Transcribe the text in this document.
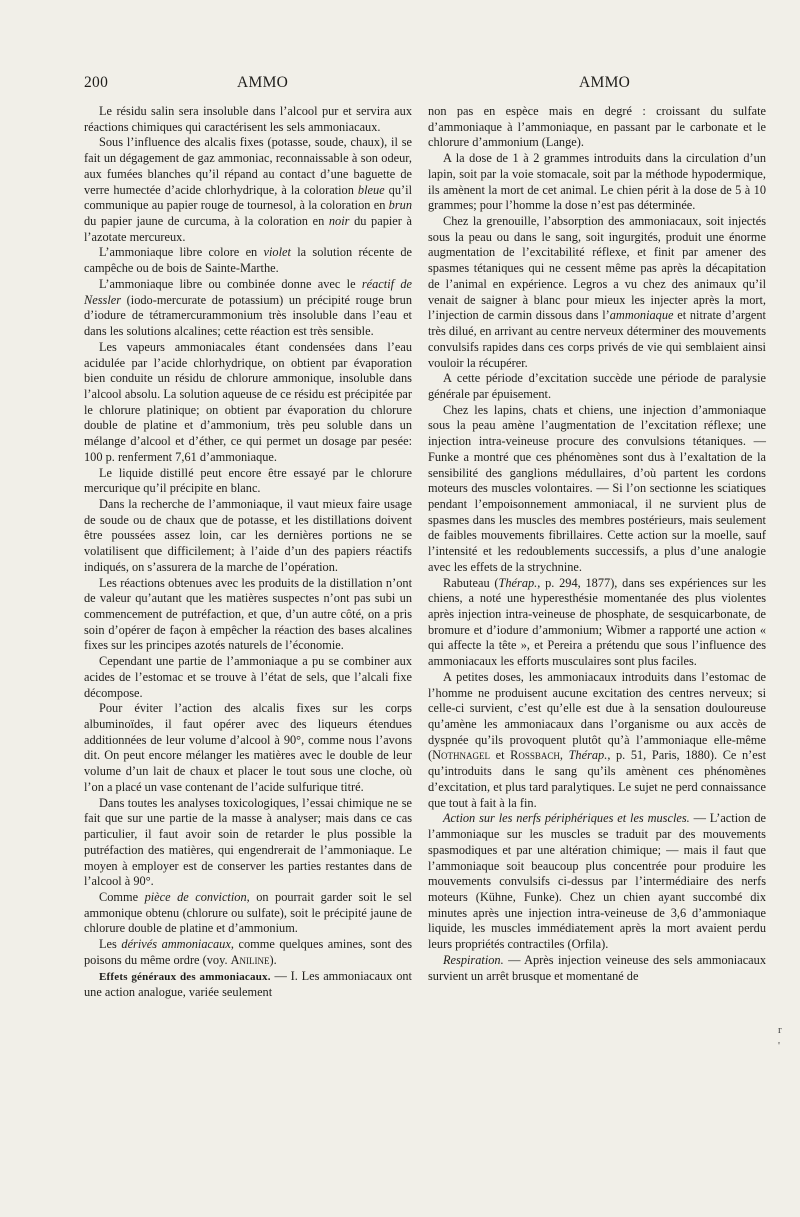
200	AMMO	AMMO

Le résidu salin sera insoluble dans l’alcool pur et servira aux réactions chimiques qui caractérisent les sels ammoniacaux.

Sous l’influence des alcalis fixes (potasse, soude, chaux), il se fait un dégagement de gaz ammoniac, reconnaissable à son odeur, aux fumées blanches qu’il répand au contact d’une baguette de verre humectée d’acide chlorhydrique, à la coloration bleue qu’il communique au papier rouge de tournesol, à la coloration en brun du papier jaune de curcuma, à la coloration en noir du papier à l’azotate mercureux.

L’ammoniaque libre colore en violet la solution récente de campêche ou de bois de Sainte-Marthe.

L’ammoniaque libre ou combinée donne avec le réactif de Nessler (iodo-mercurate de potassium) un précipité rouge brun d’iodure de tétramercurammonium très insoluble dans l’eau et dans les solutions alcalines; cette réaction est très sensible.

Les vapeurs ammoniacales étant condensées dans l’eau acidulée par l’acide chlorhydrique, on obtient par évaporation bien conduite un résidu de chlorure ammonique, insoluble dans l’alcool absolu. La solution aqueuse de ce résidu est précipitée par le chlorure platinique; on obtient par évaporation du chlorure double de platine et d’ammonium, très peu soluble dans un mélange d’alcool et d’éther, ce qui permet un dosage par pesée: 100 p. renferment 7,61 d’ammoniaque.

Le liquide distillé peut encore être essayé par le chlorure mercurique qu’il précipite en blanc.

Dans la recherche de l’ammoniaque, il vaut mieux faire usage de soude ou de chaux que de potasse, et les distillations doivent être poussées assez loin, car les dernières portions ne se volatilisent que difficilement; à l’aide d’un des papiers réactifs indiqués, on s’assurera de la marche de l’opération.

Les réactions obtenues avec les produits de la distillation n’ont de valeur qu’autant que les matières suspectes n’ont pas subi un commencement de putréfaction, et que, d’un autre côté, on a pris soin d’opérer de façon à empêcher la réaction des bases alcalines fixes sur les principes azotés naturels de l’économie.

Cependant une partie de l’ammoniaque a pu se combiner aux acides de l’estomac et se trouve à l’état de sels, que l’alcali fixe décompose.

Pour éviter l’action des alcalis fixes sur les corps albuminoïdes, il faut opérer avec des liqueurs étendues additionnées de leur volume d’alcool à 90°, comme nous l’avons dit. On peut encore mélanger les matières avec le double de leur volume d’un lait de chaux et placer le tout sous une cloche, où l’on a placé un vase contenant de l’acide sulfurique titré.

Dans toutes les analyses toxicologiques, l’essai chimique ne se fait que sur une partie de la masse à analyser; mais dans ce cas particulier, il faut avoir soin de retarder le plus possible la putréfaction des matières, qui engendrerait de l’ammoniaque. Le moyen à employer est de conserver les parties restantes dans de l’alcool à 90°.

Comme pièce de conviction, on pourrait garder soit le sel ammonique obtenu (chlorure ou sulfate), soit le précipité jaune de chlorure double de platine et d’ammonium.

Les dérivés ammoniacaux, comme quelques amines, sont des poisons du même ordre (voy. Aniline).

Effets généraux des ammoniacaux. — I. Les ammoniacaux ont une action analogue, variée seulement

non pas en espèce mais en degré : croissant du sulfate d’ammoniaque à l’ammoniaque, en passant par le carbonate et le chlorure d’ammonium (Lange).

A la dose de 1 à 2 grammes introduits dans la circulation d’un lapin, soit par la voie stomacale, soit par la méthode hypodermique, ils amènent la mort de cet animal. Le chien périt à la dose de 5 à 10 grammes; pour l’homme la dose n’est pas déterminée.

Chez la grenouille, l’absorption des ammoniacaux, soit injectés sous la peau ou dans le sang, soit ingurgités, produit une énorme augmentation de l’excitabilité réflexe, et finit par amener des spasmes tétaniques qui ne cessent même pas après la décapitation de l’animal en expérience. Legros a vu chez des animaux qu’il venait de saigner à blanc pour mieux les injecter après la mort, l’injection de carmin dissous dans l’ammoniaque et nitrate d’argent très dilué, en arrivant au centre nerveux déterminer des mouvements convulsifs rapides dans ces corps privés de vie qui semblaient ainsi vouloir la récupérer.

A cette période d’excitation succède une période de paralysie générale par épuisement.

Chez les lapins, chats et chiens, une injection d’ammoniaque sous la peau amène l’augmentation de l’excitation réflexe; une injection intra-veineuse procure des convulsions tétaniques. — Funke a montré que ces phénomènes sont dus à l’exaltation de la sensibilité des ganglions médullaires, d’où partent les cordons moteurs des muscles volontaires. — Si l’on sectionne les sciatiques pendant l’empoisonnement ammoniacal, il ne survient plus de spasmes dans les muscles des membres postérieurs, mais seulement de faibles mouvements fibrillaires. Cette action sur la moelle, sauf l’intensité et les redoublements successifs, a plus d’une analogie avec les effets de la strychnine.

Rabuteau (Thérap., p. 294, 1877), dans ses expériences sur les chiens, a noté une hyperesthésie momentanée des plus violentes après injection intra-veineuse de phosphate, de sesquicarbonate, de bromure et d’iodure d’ammonium; Wibmer a rapporté une action « qui affecte la tête », et Pereira a prétendu que sous l’influence des ammoniacaux les efforts musculaires sont plus faciles.

A petites doses, les ammoniacaux introduits dans l’estomac de l’homme ne produisent aucune excitation des centres nerveux; si celle-ci survient, c’est qu’elle est due à la sensation douloureuse qu’amène les ammoniacaux dans l’organisme ou aux accès de dyspnée qu’ils provoquent plutôt qu’à l’ammoniaque elle-même (Nothnagel et Rossbach, Thérap., p. 51, Paris, 1880). Ce n’est qu’introduits dans le sang qu’ils amènent ces phénomènes d’excitation, et plus tard paralytiques. Le sujet ne perd connaissance que tout à fait à la fin.

Action sur les nerfs périphériques et les muscles. — L’action de l’ammoniaque sur les muscles se traduit par des mouvements spasmodiques et par une altération chimique; — mais il faut que l’ammoniaque soit beaucoup plus concentrée pour produire les mouvements convulsifs ci-dessus par l’intermédiaire des nerfs moteurs (Kühne, Funke). Chez un chien ayant succombé dix minutes après une injection intra-veineuse de 3,6 d’ammoniaque liquide, les muscles immédiatement après la mort avaient perdu leurs propriétés contractiles (Orfila).

Respiration. — Après injection veineuse des sels ammoniacaux survient un arrêt brusque et momentané de

r
'
